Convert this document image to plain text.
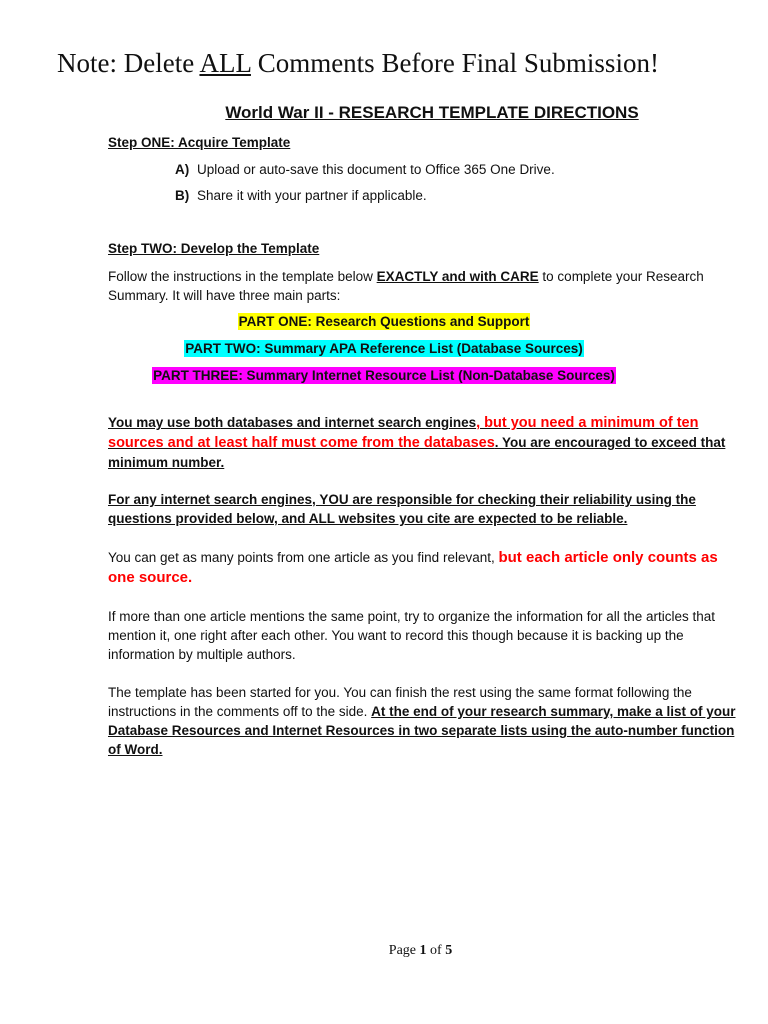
Note: Delete ALL Comments Before Final Submission!
World War II - RESEARCH TEMPLATE DIRECTIONS
Step ONE: Acquire Template
A) Upload or auto-save this document to Office 365 One Drive.
B) Share it with your partner if applicable.
Step TWO: Develop the Template
Follow the instructions in the template below EXACTLY and with CARE to complete your Research Summary. It will have three main parts:
PART ONE: Research Questions and Support
PART TWO: Summary APA Reference List (Database Sources)
PART THREE: Summary Internet Resource List (Non-Database Sources)
You may use both databases and internet search engines, but you need a minimum of ten sources and at least half must come from the databases. You are encouraged to exceed that minimum number.
For any internet search engines, YOU are responsible for checking their reliability using the questions provided below, and ALL websites you cite are expected to be reliable.
You can get as many points from one article as you find relevant, but each article only counts as one source.
If more than one article mentions the same point, try to organize the information for all the articles that mention it, one right after each other. You want to record this though because it is backing up the information by multiple authors.
The template has been started for you. You can finish the rest using the same format following the instructions in the comments off to the side. At the end of your research summary, make a list of your Database Resources and Internet Resources in two separate lists using the auto-number function of Word.
Page 1 of 5
